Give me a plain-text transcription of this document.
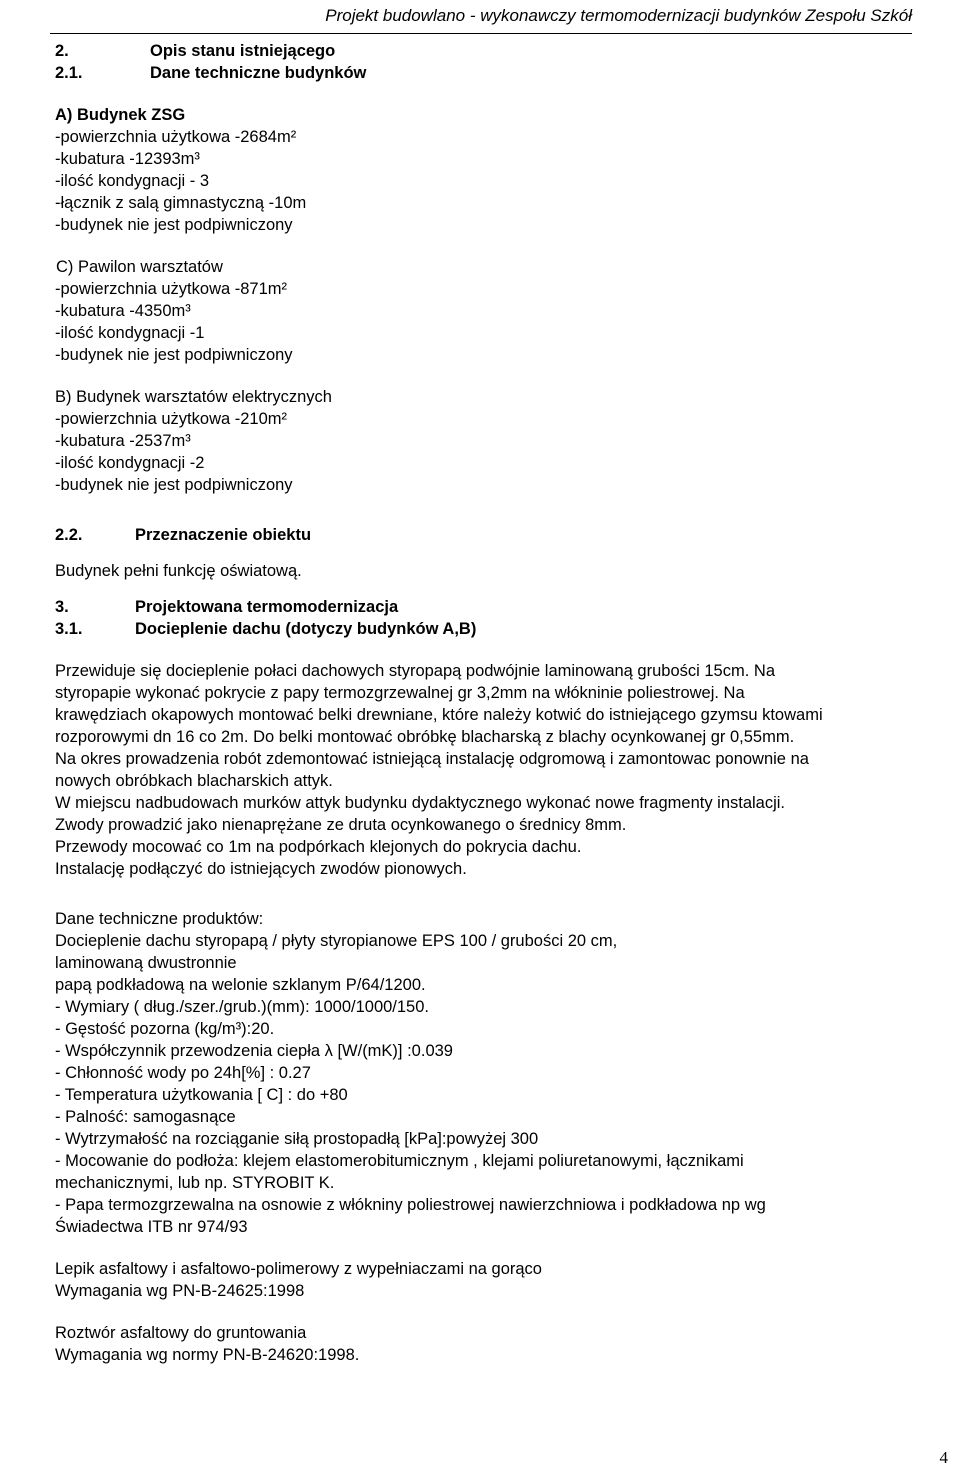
Projekt budowlano - wykonawczy termomodernizacji budynków Zespołu Szkół
2.	Opis stanu istniejącego
2.1.	Dane techniczne budynków
A) Budynek ZSG
-powierzchnia użytkowa -2684m²
-kubatura -12393m³
-ilość kondygnacji - 3
-łącznik z salą gimnastyczną -10m
-budynek nie jest podpiwniczony
C) Pawilon warsztatów
-powierzchnia użytkowa -871m²
-kubatura -4350m³
-ilość kondygnacji -1
-budynek nie jest podpiwniczony
B) Budynek warsztatów elektrycznych
-powierzchnia użytkowa -210m²
-kubatura -2537m³
-ilość kondygnacji -2
-budynek nie jest podpiwniczony
2.2.	Przeznaczenie obiektu
Budynek pełni funkcję oświatową.
3.	Projektowana termomodernizacja
3.1.	Docieplenie dachu (dotyczy budynków A,B)
Przewiduje się docieplenie połaci dachowych styropapą podwójnie laminowaną grubości 15cm. Na
styropapie wykonać pokrycie z papy termozgrzewalnej gr 3,2mm na włókninie poliestrowej. Na
krawędziach okapowych montować belki drewniane, które należy kotwić do istniejącego gzymsu ktowami
rozporowymi dn 16 co 2m. Do belki montować obróbkę blacharską z blachy ocynkowanej gr 0,55mm.
Na okres prowadzenia robót zdemontować istniejącą instalację odgromową i zamontowac ponownie na
nowych obróbkach blacharskich attyk.
W miejscu nadbudowach murków attyk budynku dydaktycznego wykonać nowe fragmenty instalacji.
Zwody prowadzić jako nienaprężane ze druta ocynkowanego o średnicy 8mm.
Przewody mocować co 1m na podpórkach klejonych do pokrycia dachu.
Instalację podłączyć do istniejących zwodów pionowych.
Dane techniczne produktów:
Docieplenie dachu styropapą / płyty styropianowe EPS 100 / grubości 20 cm,
laminowaną dwustronnie
papą podkładową na welonie szklanym P/64/1200.
- Wymiary ( dług./szer./grub.)(mm): 1000/1000/150.
- Gęstość pozorna (kg/m³):20.
- Współczynnik przewodzenia ciepła λ [W/(mK)] :0.039
- Chłonność wody po 24h[%] : 0.27
- Temperatura użytkowania [ C] : do +80
- Palność: samogasnące
- Wytrzymałość na rozciąganie siłą prostopadłą [kPa]:powyżej 300
- Mocowanie do podłoża: klejem elastomerobitumicznym , klejami poliuretanowymi, łącznikami
mechanicznymi, lub np. STYROBIT K.
- Papa termozgrzewalna na osnowie z włókniny poliestrowej nawierzchniowa i podkładowa np wg
Świadectwa ITB nr 974/93
Lepik asfaltowy i asfaltowo-polimerowy z wypełniaczami na gorąco
Wymagania wg PN-B-24625:1998
Roztwór asfaltowy do gruntowania
Wymagania wg normy PN-B-24620:1998.
4
